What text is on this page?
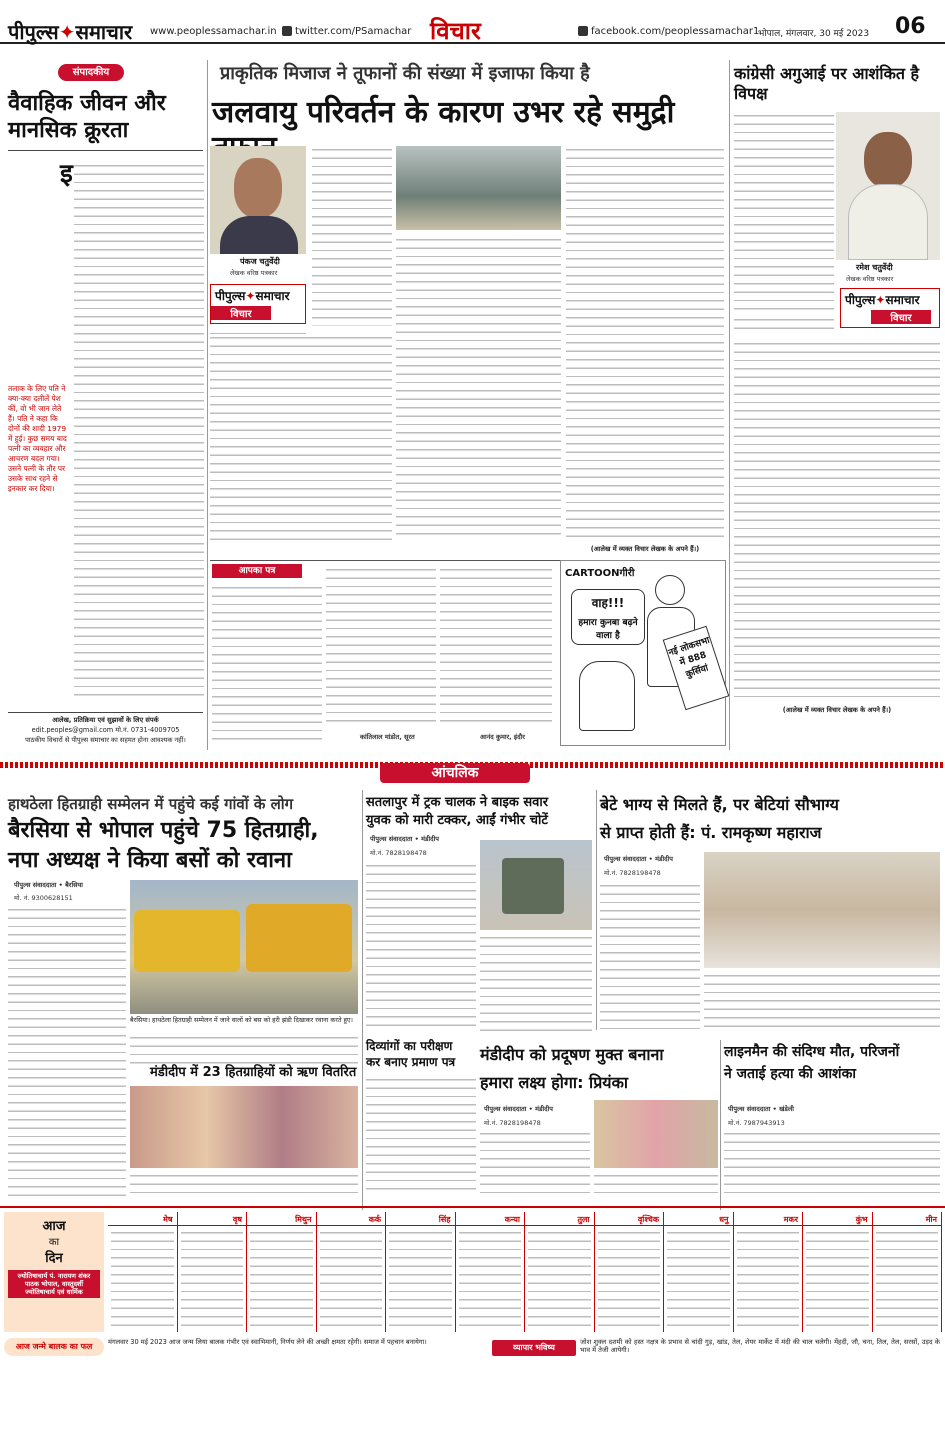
पीपुल्स✦समाचार www.peoplessamachar.in	twitter.com/PSamachar विचार	facebook.com/peoplessamachar1
भोपाल, मंगलवार, 30 मई 2023 06
संपादकीय
वैवाहिक जीवन और मानसिक क्रूरता
इ
तलाक के लिए पति ने क्या-क्या दलीलें पेश कीं, वो भी जान लेते हैं। पति ने कहा कि दोनों की शादी 1979 में हुई। कुछ समय बाद पत्नी का व्यवहार और आचरण बदल गया। उसने पत्नी के तौर पर उसके साथ रहने से इनकार कर दिया।
आलेख, प्रतिक्रिया एवं सुझावों के लिए संपर्क
edit.peoples@gmail.com मो.नं. 0731-4009705
पाठकीय विचारों से पीपुल्स समाचार का सहमत होना आवश्यक नहीं।
प्राकृतिक मिजाज ने तूफानों की संख्या में इजाफा किया है
जलवायु परिवर्तन के कारण उभर रहे समुद्री
पंकज चतुर्वेदी
लेखक वरिष्ठ पत्रकार
पीपुल्स✦समाचार
विचार
(आलेख में व्यक्त विचार लेखक के अपने हैं।)
आपका पत्र
कांतिलाल मांडोत, सूरत	आनंद कुमार, इंदौर
CARTOONगीरी
वाह!!!
हमारा कुनबा बढ़ने वाला है	नई लोकसभा में 888 कुर्सियां
कांग्रेसी अगुआई पर आशंकित है विपक्ष
रमेश चतुर्वेदी
लेखक वरिष्ठ पत्रकार
पीपुल्स✦समाचार
विचार
(आलेख में व्यक्त विचार लेखक के अपने हैं।)
आंचलिक
हाथठेला हितग्राही सम्मेलन में पहुंचे कई गांवों के लोग
बैरसिया से भोपाल पहुंचे 75 हितग्राही,
नपा अध्यक्ष ने किया बसों को रवाना
पीपुल्स संवाददाता • बैरसिया
मो. नं. 9300628151
बैरसिया। हाथठेला हितग्राही सम्मेलन में जाने वालों को बस को हरी झंडी दिखाकर रवाना करते हुए।
मंडीदीप में 23 हितग्राहियों को ऋण वितरित
सतलापुर में ट्रक चालक ने बाइक सवार
युवक को मारी टक्कर, आईं गंभीर चोटें
पीपुल्स संवाददाता • मंडीदीप
मो.नं. 7828198478
दिव्यांगों का परीक्षण
कर बनाए प्रमाण पत्र	मंडीदीप को प्रदूषण मुक्त बनाना
हमारा लक्ष्य होगा: प्रियंका
पीपुल्स संवाददाता • मंडीदीप
मो.नं. 7828198478
बेटे भाग्य से मिलते हैं, पर बेटियां सौभाग्य
से प्राप्त होती हैं: पं. रामकृष्ण महाराज
पीपुल्स संवाददाता • मंडीदीप
मो.नं. 7828198478
लाइनमैन की संदिग्ध मौत, परिजनों
ने जताई हत्या की आशंका
पीपुल्स संवाददाता • खंडेली
मो.नं. 7987943913
आज
का
दिन
ज्योतिषाचार्य पं. नारायण शंकर पाठक भोपाल, वास्तुदर्शी ज्योतिषाचार्य एवं धार्मिक
मेष	वृष	मिथुन	कर्क	सिंह	कन्या	तुला	वृश्चिक	धनु	मकर	कुंभ	मीन
आज जन्मे बालक का फल	मंगलवार 30 मई 2023 आज जन्म लिया बालक गंभीर एवं स्वाभिमानी, निर्णय लेने की अच्छी क्षमता रहेगी। समाज में पहचान बनायेगा।
व्यापार भविष्य
जोश शुक्ल दशमी को हस्त नक्षत्र के प्रभाव से चांदी गुड़, खांड, तेल, शेयर मार्केट में मंदी की चाल चलेगी। मेंहदी, जौ, चना, तिल, तेल, सरसों, उड़द के भाव में तेजी आयेगी।
